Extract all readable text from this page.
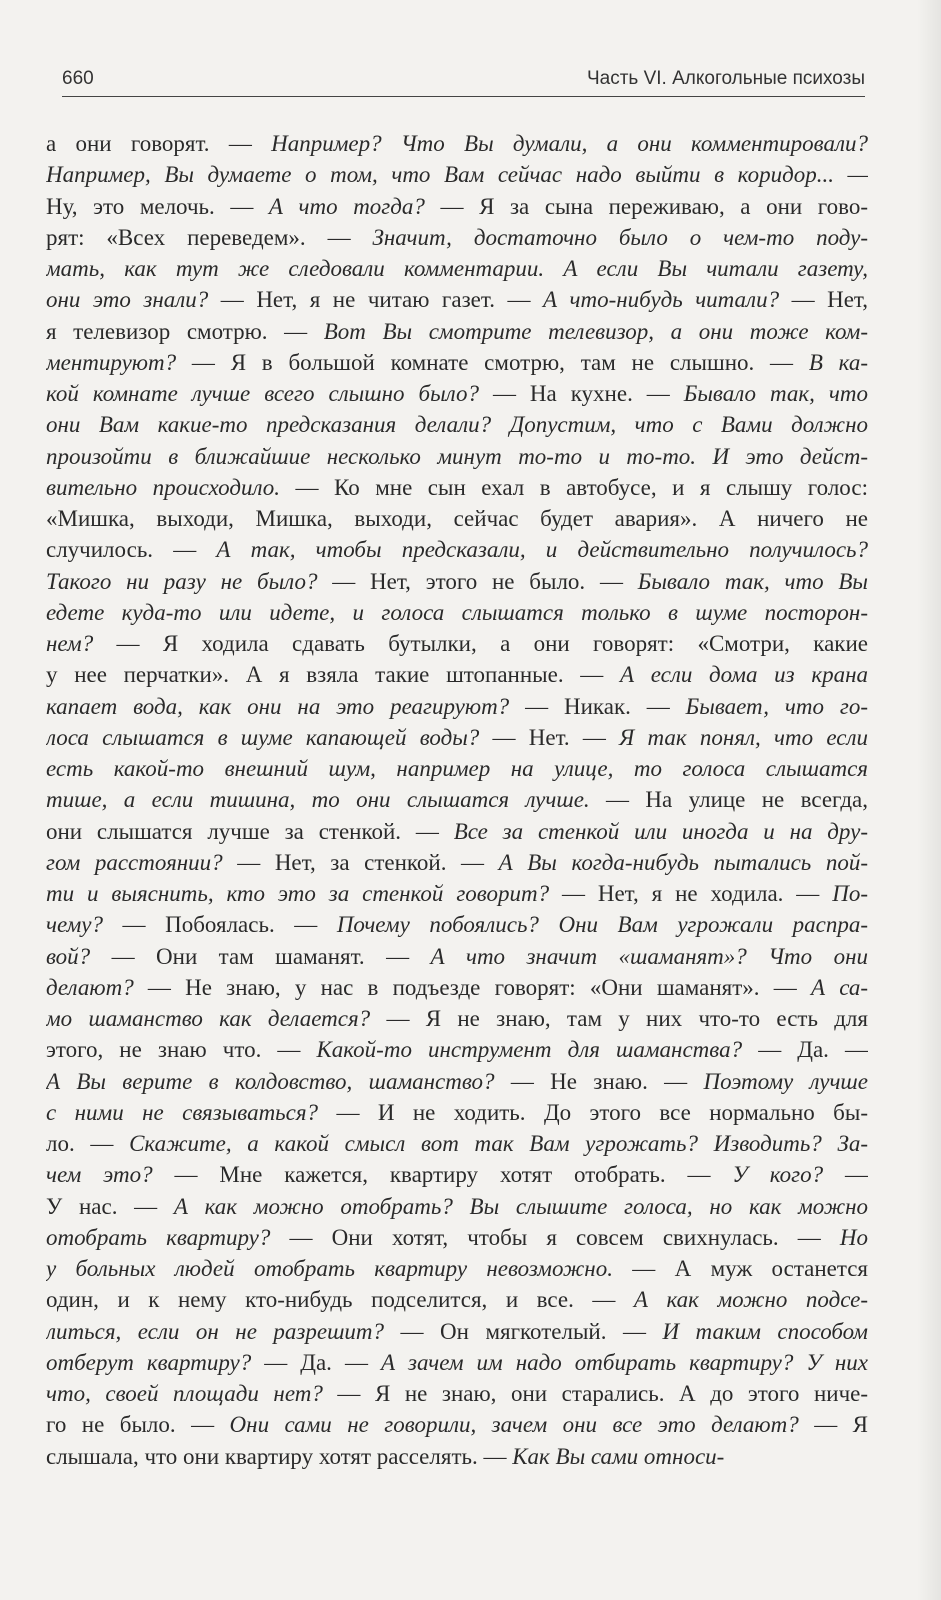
660	Часть VI. Алкогольные психозы
а они говорят. — Например? Что Вы думали, а они комментировали?
Например, Вы думаете о том, что Вам сейчас надо выйти в коридор... —
Ну, это мелочь. — А что тогда? — Я за сына переживаю, а они гово-
рят: «Всех переведем». — Значит, достаточно было о чем-то поду-
мать, как тут же следовали комментарии. А если Вы читали газету,
они это знали? — Нет, я не читаю газет. — А что-нибудь читали? — Нет,
я телевизор смотрю. — Вот Вы смотрите телевизор, а они тоже ком-
ментируют? — Я в большой комнате смотрю, там не слышно. — В ка-
кой комнате лучше всего слышно было? — На кухне. — Бывало так, что
они Вам какие-то предсказания делали? Допустим, что с Вами должно
произойти в ближайшие несколько минут то-то и то-то. И это дейст-
вительно происходило. — Ко мне сын ехал в автобусе, и я слышу голос:
«Мишка, выходи, Мишка, выходи, сейчас будет авария». А ничего не
случилось. — А так, чтобы предсказали, и действительно получилось?
Такого ни разу не было? — Нет, этого не было. — Бывало так, что Вы
едете куда-то или идете, и голоса слышатся только в шуме посторон-
нем? — Я ходила сдавать бутылки, а они говорят: «Смотри, какие
у нее перчатки». А я взяла такие штопанные. — А если дома из крана
капает вода, как они на это реагируют? — Никак. — Бывает, что го-
лоса слышатся в шуме капающей воды? — Нет. — Я так понял, что если
есть какой-то внешний шум, например на улице, то голоса слышатся
тише, а если тишина, то они слышатся лучше. — На улице не всегда,
они слышатся лучше за стенкой. — Все за стенкой или иногда и на дру-
гом расстоянии? — Нет, за стенкой. — А Вы когда-нибудь пытались пой-
ти и выяснить, кто это за стенкой говорит? — Нет, я не ходила. — По-
чему? — Побоялась. — Почему побоялись? Они Вам угрожали распра-
вой? — Они там шаманят. — А что значит «шаманят»? Что они
делают? — Не знаю, у нас в подъезде говорят: «Они шаманят». — А са-
мо шаманство как делается? — Я не знаю, там у них что-то есть для
этого, не знаю что. — Какой-то инструмент для шаманства? — Да. —
А Вы верите в колдовство, шаманство? — Не знаю. — Поэтому лучше
с ними не связываться? — И не ходить. До этого все нормально бы-
ло. — Скажите, а какой смысл вот так Вам угрожать? Изводить? За-
чем это? — Мне кажется, квартиру хотят отобрать. — У кого? —
У нас. — А как можно отобрать? Вы слышите голоса, но как можно
отобрать квартиру? — Они хотят, чтобы я совсем свихнулась. — Но
у больных людей отобрать квартиру невозможно. — А муж останется
один, и к нему кто-нибудь подселится, и все. — А как можно подсе-
литься, если он не разрешит? — Он мягкотелый. — И таким способом
отберут квартиру? — Да. — А зачем им надо отбирать квартиру? У них
что, своей площади нет? — Я не знаю, они старались. А до этого ниче-
го не было. — Они сами не говорили, зачем они все это делают? — Я
слышала, что они квартиру хотят расселять. — Как Вы сами относи-
